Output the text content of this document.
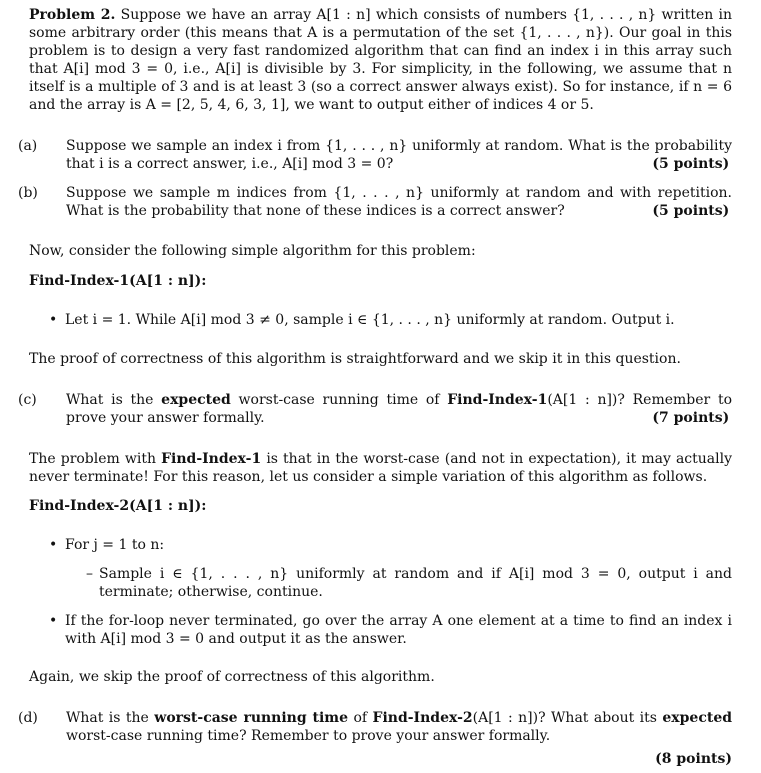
Problem 2. Suppose we have an array A[1 : n] which consists of numbers {1, . . . , n} written in some arbitrary order (this means that A is a permutation of the set {1, . . . , n}). Our goal in this problem is to design a very fast randomized algorithm that can find an index i in this array such that A[i] mod 3 = 0, i.e., A[i] is divisible by 3. For simplicity, in the following, we assume that n itself is a multiple of 3 and is at least 3 (so a correct answer always exist). So for instance, if n = 6 and the array is A = [2, 5, 4, 6, 3, 1], we want to output either of indices 4 or 5.
(a) Suppose we sample an index i from {1, . . . , n} uniformly at random. What is the probability that i is a correct answer, i.e., A[i] mod 3 = 0?	(5 points)
(b) Suppose we sample m indices from {1, . . . , n} uniformly at random and with repetition. What is the probability that none of these indices is a correct answer?	(5 points)
Now, consider the following simple algorithm for this problem:
Find-Index-1(A[1 : n]):
• Let i = 1. While A[i] mod 3 ≠ 0, sample i ∈ {1, . . . , n} uniformly at random. Output i.
The proof of correctness of this algorithm is straightforward and we skip it in this question.
(c) What is the expected worst-case running time of Find-Index-1(A[1 : n])? Remember to prove your answer formally.	(7 points)
The problem with Find-Index-1 is that in the worst-case (and not in expectation), it may actually never terminate! For this reason, let us consider a simple variation of this algorithm as follows.
Find-Index-2(A[1 : n]):
• For j = 1 to n:
– Sample i ∈ {1, . . . , n} uniformly at random and if A[i] mod 3 = 0, output i and terminate; otherwise, continue.
• If the for-loop never terminated, go over the array A one element at a time to find an index i with A[i] mod 3 = 0 and output it as the answer.
Again, we skip the proof of correctness of this algorithm.
(d) What is the worst-case running time of Find-Index-2(A[1 : n])? What about its expected worst-case running time? Remember to prove your answer formally.
(8 points)
